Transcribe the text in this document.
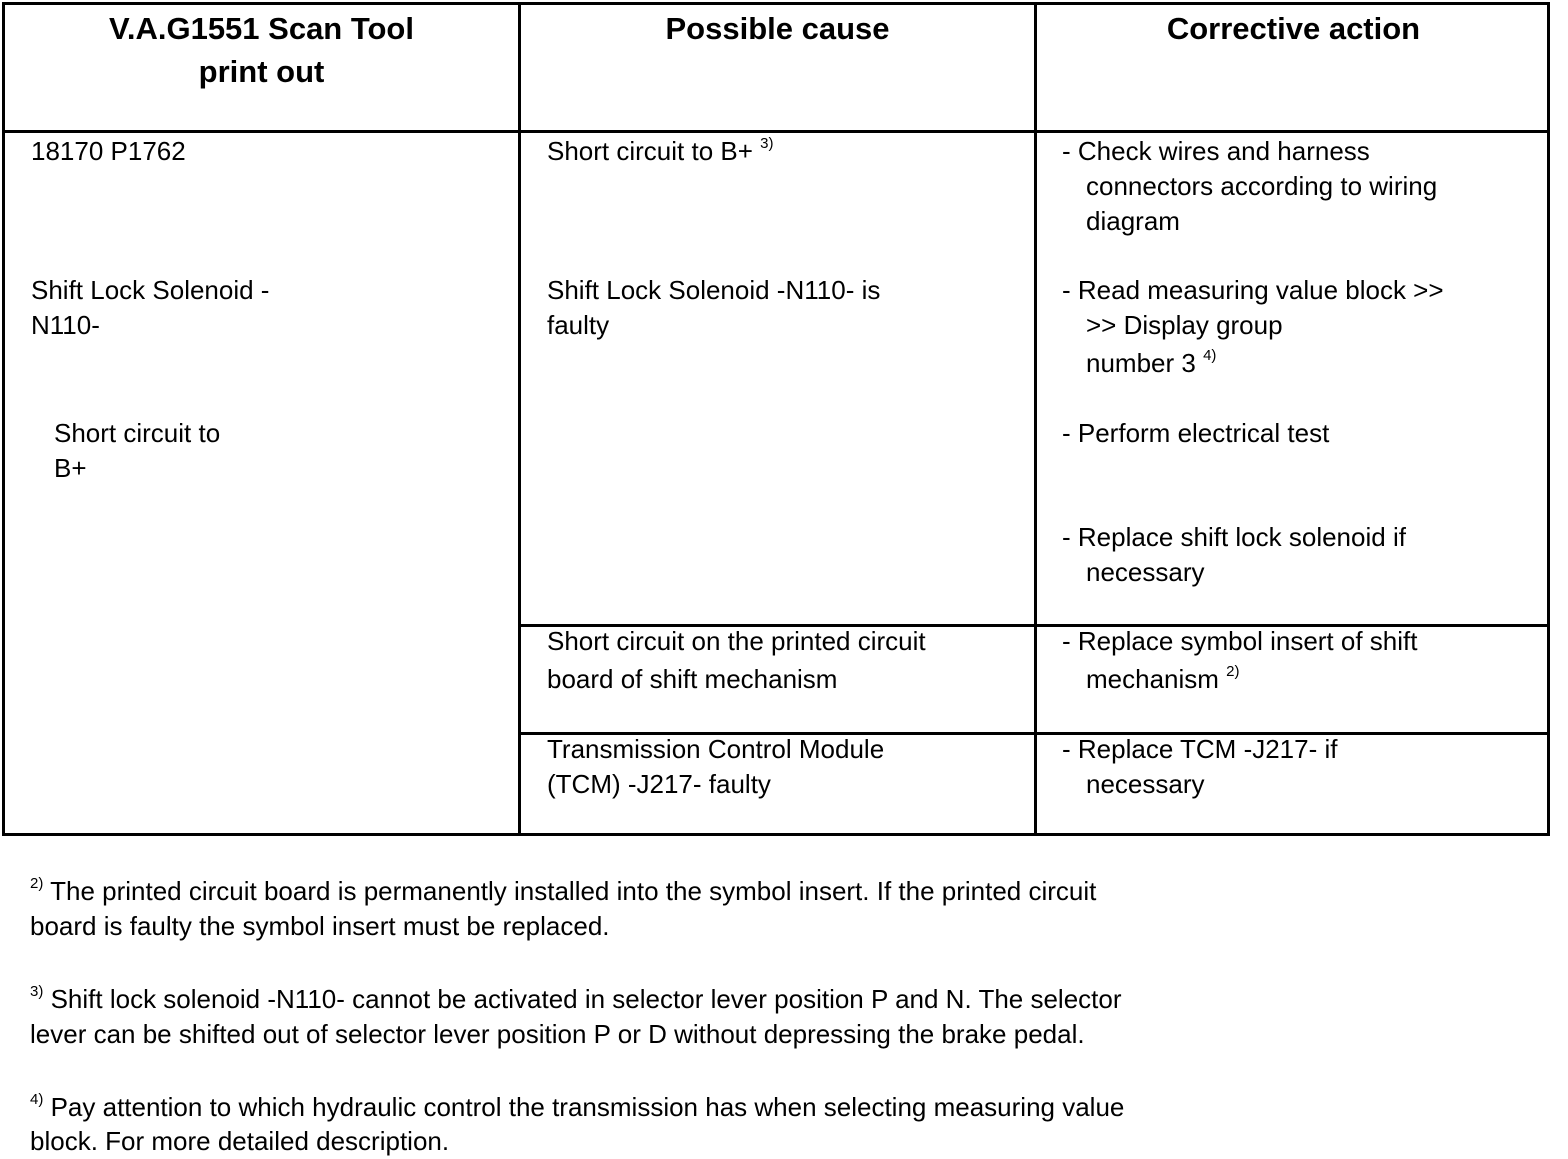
V.A.G1551 Scan Tool
print out
Possible cause	Corrective action
18170 P1762
Shift Lock Solenoid -
N110-
Short circuit to
B+
Short circuit to B+ $^{3)}$
Shift Lock Solenoid -N110- is
faulty
Short circuit on the printed circuit
board of shift mechanism
Transmission Control Module
(TCM) -J217- faulty
- Check wires and harness
connectors according to wiring
diagram
- Read measuring value block >>
>> Display group
number 3 $^{4)}$
- Perform electrical test
- Replace shift lock solenoid if
necessary
- Replace symbol insert of shift
mechanism $^{2)}$
- Replace TCM -J217- if
necessary
$^{2)}$ The printed circuit board is permanently installed into the symbol insert. If the printed circuit
board is faulty the symbol insert must be replaced.
$^{3)}$ Shift lock solenoid -N110- cannot be activated in selector lever position P and N. The selector
lever can be shifted out of selector lever position P or D without depressing the brake pedal.
$^{4)}$ Pay attention to which hydraulic control the transmission has when selecting measuring value
block. For more detailed description.
